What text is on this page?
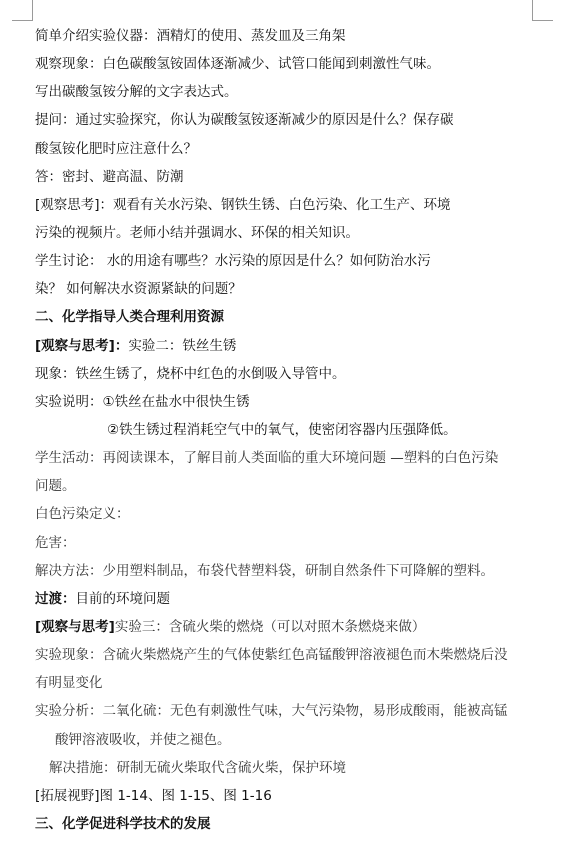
简单介绍实验仪器：酒精灯的使用、蒸发皿及三角架
观察现象：白色碳酸氢铵固体逐渐减少、试管口能闻到刺激性气味。
写出碳酸氢铵分解的文字表达式。
提问：通过实验探究，你认为碳酸氢铵逐渐减少的原因是什么？保存碳
酸氢铵化肥时应注意什么？
答：密封、避高温、防潮
[观察思考]：观看有关水污染、钢铁生锈、白色污染、化工生产、环境
污染的视频片。老师小结并强调水、环保的相关知识。
学生讨论： 水的用途有哪些？水污染的原因是什么？如何防治水污
染？ 如何解决水资源紧缺的问题？
二、化学指导人类合理利用资源
[观察与思考]：实验二：铁丝生锈
现象：铁丝生锈了，烧杯中红色的水倒吸入导管中。
实验说明：①铁丝在盐水中很快生锈
②铁生锈过程消耗空气中的氧气，使密闭容器内压强降低。
学生活动：再阅读课本，了解目前人类面临的重大环境问题 —塑料的白色污染
问题。
白色污染定义：
危害：
解决方法：少用塑料制品，布袋代替塑料袋，研制自然条件下可降解的塑料。
过渡：目前的环境问题
[观察与思考]实验三：含硫火柴的燃烧（可以对照木条燃烧来做）
实验现象：含硫火柴燃烧产生的气体使紫红色高锰酸钾溶液褪色而木柴燃烧后没
有明显变化
实验分析：二氧化硫：无色有刺激性气味，大气污染物，易形成酸雨，能被高锰
酸钾溶液吸收，并使之褪色。
解决措施：研制无硫火柴取代含硫火柴，保护环境
[拓展视野]图 1-14、图 1-15、图 1-16
三、化学促进科学技术的发展
